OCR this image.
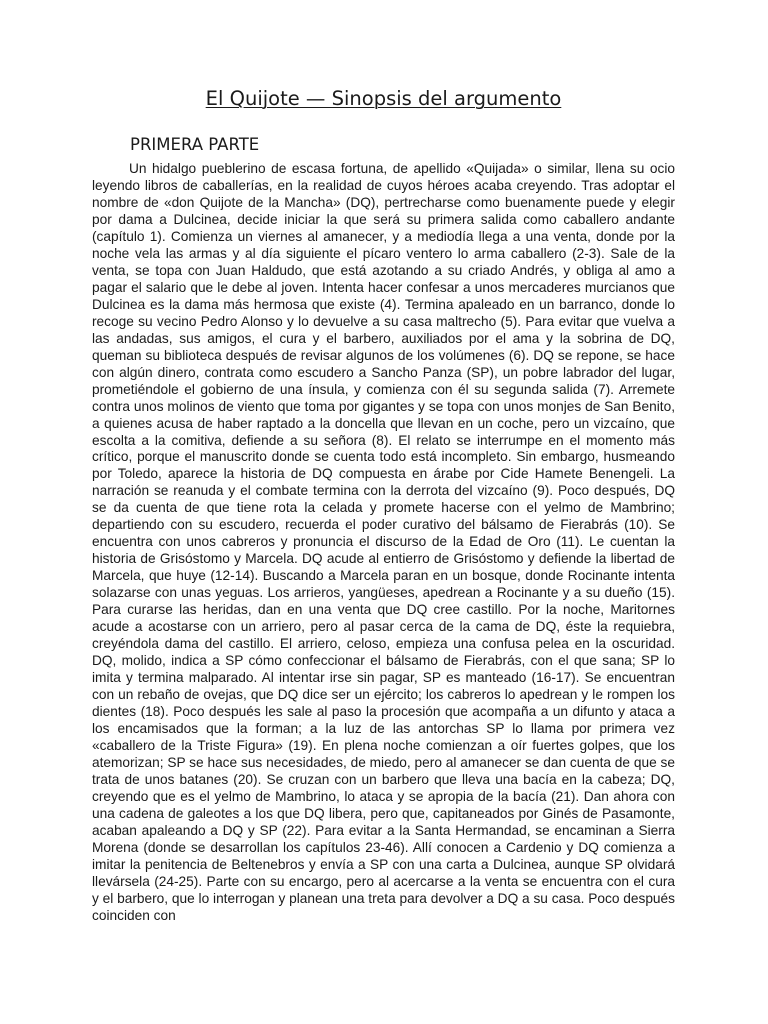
El Quijote — Sinopsis del argumento
PRIMERA PARTE

Un hidalgo pueblerino de escasa fortuna, de apellido «Quijada» o similar, llena su ocio leyendo libros de caballerías, en la realidad de cuyos héroes acaba creyendo. Tras adoptar el nombre de «don Quijote de la Mancha» (DQ), pertrecharse como buenamente puede y elegir por dama a Dulcinea, decide iniciar la que será su primera salida como caballero andante (capítulo 1). Comienza un viernes al amanecer, y a mediodía llega a una venta, donde por la noche vela las armas y al día siguiente el pícaro ventero lo arma caballero (2-3). Sale de la venta, se topa con Juan Haldudo, que está azotando a su criado Andrés, y obliga al amo a pagar el salario que le debe al joven. Intenta hacer confesar a unos mercaderes murcianos que Dulcinea es la dama más hermosa que existe (4). Termina apaleado en un barranco, donde lo recoge su vecino Pedro Alonso y lo devuelve a su casa maltrecho (5). Para evitar que vuelva a las andadas, sus amigos, el cura y el barbero, auxiliados por el ama y la sobrina de DQ, queman su biblioteca después de revisar algunos de los volúmenes (6). DQ se repone, se hace con algún dinero, contrata como escudero a Sancho Panza (SP), un pobre labrador del lugar, prometiéndole el gobierno de una ínsula, y comienza con él su segunda salida (7). Arremete contra unos molinos de viento que toma por gigantes y se topa con unos monjes de San Benito, a quienes acusa de haber raptado a la doncella que llevan en un coche, pero un vizcaíno, que escolta a la comitiva, defiende a su señora (8). El relato se interrumpe en el momento más crítico, porque el manuscrito donde se cuenta todo está incompleto. Sin embargo, husmeando por Toledo, aparece la historia de DQ compuesta en árabe por Cide Hamete Benengeli. La narración se reanuda y el combate termina con la derrota del vizcaíno (9). Poco después, DQ se da cuenta de que tiene rota la celada y promete hacerse con el yelmo de Mambrino; departiendo con su escudero, recuerda el poder curativo del bálsamo de Fierabrás (10). Se encuentra con unos cabreros y pronuncia el discurso de la Edad de Oro (11). Le cuentan la historia de Grisóstomo y Marcela. DQ acude al entierro de Grisóstomo y defiende la libertad de Marcela, que huye (12-14). Buscando a Marcela paran en un bosque, donde Rocinante intenta solazarse con unas yeguas. Los arrieros, yangüeses, apedrean a Rocinante y a su dueño (15). Para curarse las heridas, dan en una venta que DQ cree castillo. Por la noche, Maritornes acude a acostarse con un arriero, pero al pasar cerca de la cama de DQ, éste la requiebra, creyéndola dama del castillo. El arriero, celoso, empieza una confusa pelea en la oscuridad. DQ, molido, indica a SP cómo confeccionar el bálsamo de Fierabrás, con el que sana; SP lo imita y termina malparado. Al intentar irse sin pagar, SP es manteado (16-17). Se encuentran con un rebaño de ovejas, que DQ dice ser un ejército; los cabreros lo apedrean y le rompen los dientes (18). Poco después les sale al paso la procesión que acompaña a un difunto y ataca a los encamisados que la forman; a la luz de las antorchas SP lo llama por primera vez «caballero de la Triste Figura» (19). En plena noche comienzan a oír fuertes golpes, que los atemorizan; SP se hace sus necesidades, de miedo, pero al amanecer se dan cuenta de que se trata de unos batanes (20). Se cruzan con un barbero que lleva una bacía en la cabeza; DQ, creyendo que es el yelmo de Mambrino, lo ataca y se apropia de la bacía (21). Dan ahora con una cadena de galeotes a los que DQ libera, pero que, capitaneados por Ginés de Pasamonte, acaban apaleando a DQ y SP (22). Para evitar a la Santa Hermandad, se encaminan a Sierra Morena (donde se desarrollan los capítulos 23-46). Allí conocen a Cardenio y DQ comienza a imitar la penitencia de Beltenebros y envía a SP con una carta a Dulcinea, aunque SP olvidará llevársela (24-25). Parte con su encargo, pero al acercarse a la venta se encuentra con el cura y el barbero, que lo interrogan y planean una treta para devolver a DQ a su casa. Poco después coinciden con
